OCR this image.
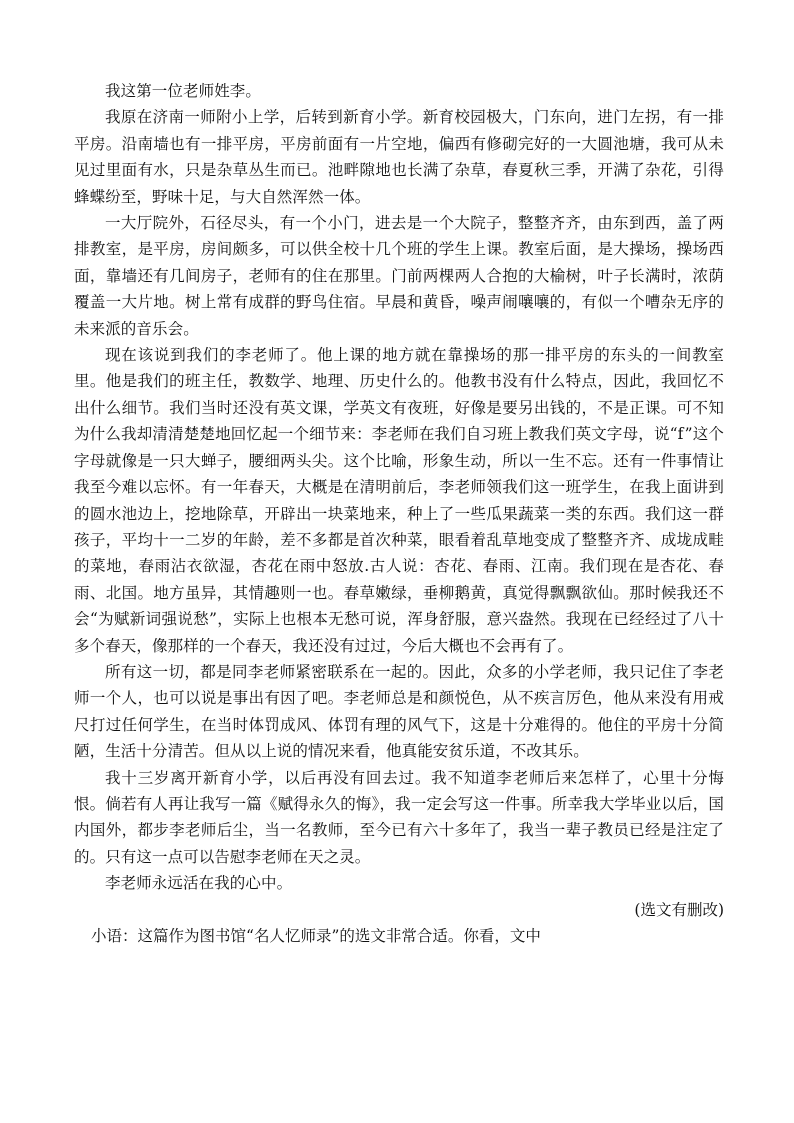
我这第一位老师姓李。

我原在济南一师附小上学，后转到新育小学。新育校园极大，门东向，进门左拐，有一排平房。沿南墙也有一排平房，平房前面有一片空地，偏西有修砌完好的一大圆池塘，我可从未见过里面有水，只是杂草丛生而已。池畔隙地也长满了杂草，春夏秋三季，开满了杂花，引得蜂蝶纷至，野味十足，与大自然浑然一体。

一大厅院外，石径尽头，有一个小门，进去是一个大院子，整整齐齐，由东到西，盖了两排教室，是平房，房间颇多，可以供全校十几个班的学生上课。教室后面，是大操场，操场西面，靠墙还有几间房子，老师有的住在那里。门前两棵两人合抱的大榆树，叶子长满时，浓荫覆盖一大片地。树上常有成群的野鸟住宿。早晨和黄昏，噪声闹嚷嚷的，有似一个嘈杂无序的未来派的音乐会。

现在该说到我们的李老师了。他上课的地方就在靠操场的那一排平房的东头的一间教室里。他是我们的班主任，教数学、地理、历史什么的。他教书没有什么特点，因此，我回忆不出什么细节。我们当时还没有英文课，学英文有夜班，好像是要另出钱的，不是正课。可不知为什么我却清清楚楚地回忆起一个细节来：李老师在我们自习班上教我们英文字母，说“f”这个字母就像是一只大蝉子，腰细两头尖。这个比喻，形象生动，所以一生不忘。还有一件事情让我至今难以忘怀。有一年春天，大概是在清明前后，李老师领我们这一班学生，在我上面讲到的圆水池边上，挖地除草，开辟出一块菜地来，种上了一些瓜果蔬菜一类的东西。我们这一群孩子，平均十一二岁的年龄，差不多都是首次种菜，眼看着乱草地变成了整整齐齐、成垅成畦的菜地，春雨沾衣欲湿，杏花在雨中怒放.古人说：杏花、春雨、江南。我们现在是杏花、春雨、北国。地方虽异，其情趣则一也。春草嫩绿，垂柳鹅黄，真觉得飘飘欲仙。那时候我还不会“为赋新词强说愁”，实际上也根本无愁可说，浑身舒服，意兴盎然。我现在已经经过了八十多个春天，像那样的一个春天，我还没有过过，今后大概也不会再有了。

所有这一切，都是同李老师紧密联系在一起的。因此，众多的小学老师，我只记住了李老师一个人，也可以说是事出有因了吧。李老师总是和颜悦色，从不疾言厉色，他从来没有用戒尺打过任何学生，在当时体罚成风、体罚有理的风气下，这是十分难得的。他住的平房十分简陋，生活十分清苦。但从以上说的情况来看，他真能安贫乐道，不改其乐。

我十三岁离开新育小学，以后再没有回去过。我不知道李老师后来怎样了，心里十分悔恨。倘若有人再让我写一篇《赋得永久的悔》，我一定会写这一件事。所幸我大学毕业以后，国内国外，都步李老师后尘，当一名教师，至今已有六十多年了，我当一辈子教员已经是注定了的。只有这一点可以告慰李老师在天之灵。

李老师永远活在我的心中。

(选文有删改)

小语：这篇作为图书馆“名人忆师录”的选文非常合适。你看，文中
